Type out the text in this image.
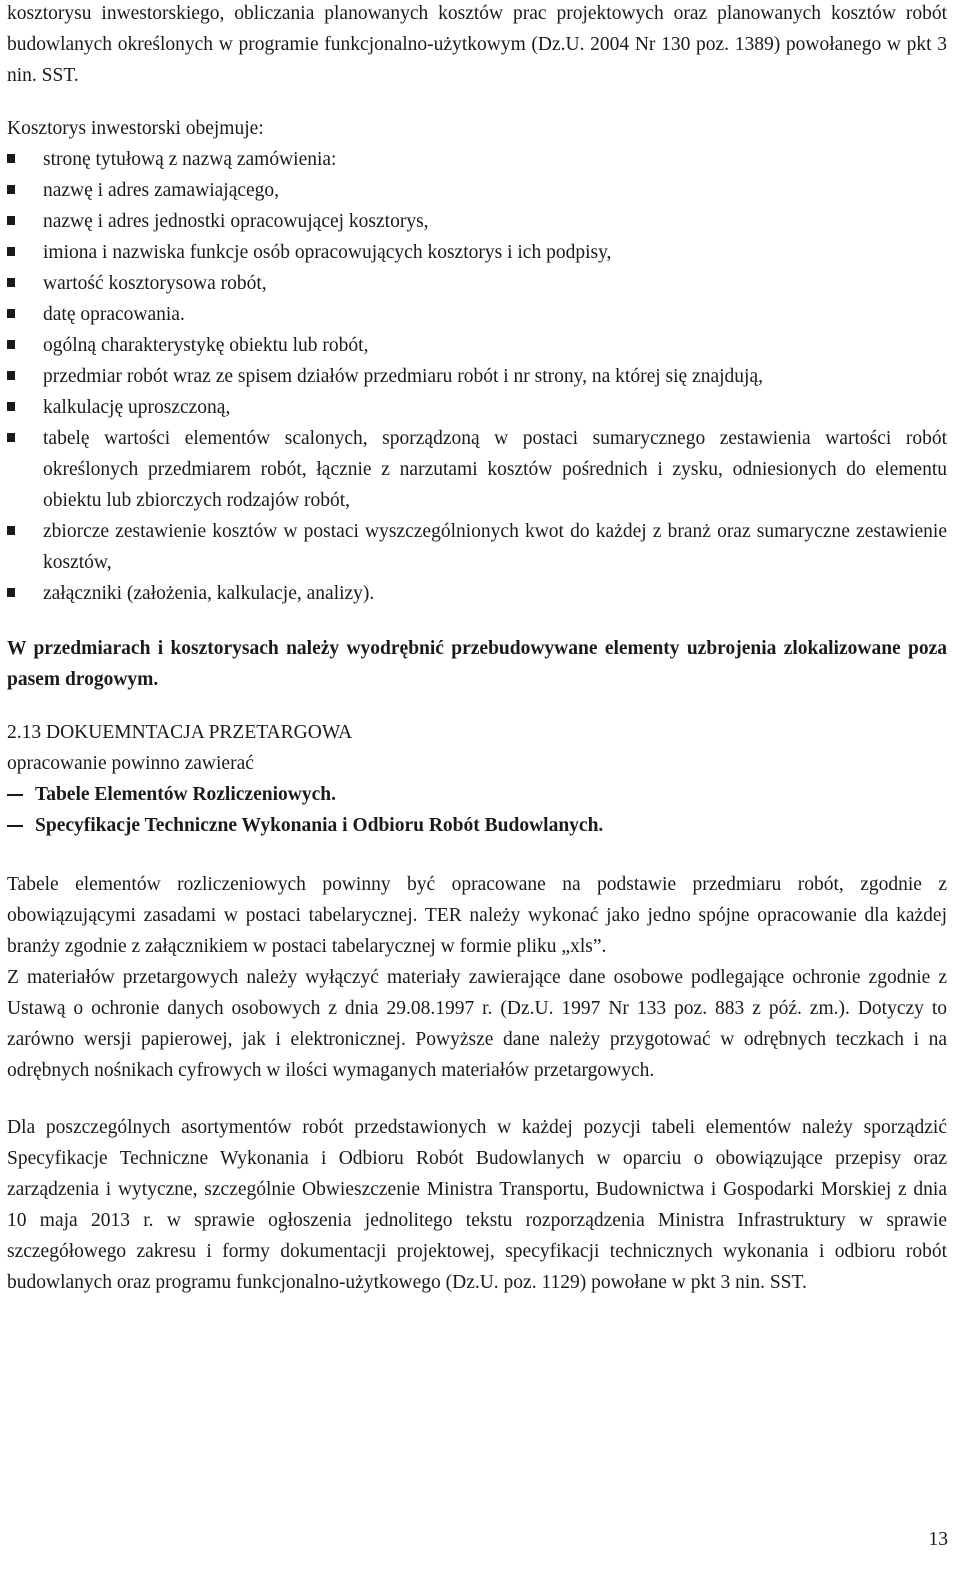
kosztorysu inwestorskiego, obliczania planowanych kosztów prac projektowych oraz planowanych kosztów robót budowlanych określonych w programie funkcjonalno-użytkowym (Dz.U. 2004 Nr 130 poz. 1389) powołanego w pkt 3 nin. SST.

Kosztorys inwestorski obejmuje:

stronę tytułową z nazwą zamówienia:
nazwę i adres zamawiającego,
nazwę i adres jednostki opracowującej kosztorys,
imiona i nazwiska funkcje osób opracowujących kosztorys i ich podpisy,
wartość kosztorysowa robót,
datę opracowania.
ogólną charakterystykę obiektu lub robót,
przedmiar robót wraz ze spisem działów przedmiaru robót i nr strony, na której się znajdują,
kalkulację uproszczoną,
tabelę wartości elementów scalonych, sporządzoną w postaci sumarycznego zestawienia wartości robót określonych przedmiarem robót, łącznie z narzutami kosztów pośrednich i zysku, odniesionych do elementu obiektu lub zbiorczych rodzajów robót,
zbiorcze zestawienie kosztów w postaci wyszczególnionych kwot do każdej z branż oraz sumaryczne zestawienie kosztów,
załączniki (założenia, kalkulacje, analizy).

W przedmiarach i kosztorysach należy wyodrębnić przebudowywane elementy uzbrojenia zlokalizowane poza pasem drogowym.

2.13 DOKUEMNTACJA PRZETARGOWA

opracowanie powinno zawierać

Tabele Elementów Rozliczeniowych.
Specyfikacje Techniczne Wykonania i Odbioru Robót Budowlanych.

Tabele elementów rozliczeniowych powinny być opracowane na podstawie przedmiaru robót, zgodnie z obowiązującymi zasadami w postaci tabelarycznej. TER należy wykonać jako jedno spójne opracowanie dla każdej branży zgodnie z załącznikiem w postaci tabelarycznej w formie pliku „xls”.

Z materiałów przetargowych należy wyłączyć materiały zawierające dane osobowe podlegające ochronie zgodnie z Ustawą o ochronie danych osobowych z dnia 29.08.1997 r. (Dz.U. 1997 Nr 133 poz. 883 z póź. zm.). Dotyczy to zarówno wersji papierowej, jak i elektronicznej. Powyższe dane należy przygotować w odrębnych teczkach i na odrębnych nośnikach cyfrowych w ilości wymaganych materiałów przetargowych.

Dla poszczególnych asortymentów robót przedstawionych w każdej pozycji tabeli elementów należy sporządzić Specyfikacje Techniczne Wykonania i Odbioru Robót Budowlanych w oparciu o obowiązujące przepisy oraz zarządzenia i wytyczne, szczególnie Obwieszczenie Ministra Transportu, Budownictwa i Gospodarki Morskiej z dnia 10 maja 2013 r. w sprawie ogłoszenia jednolitego tekstu rozporządzenia Ministra Infrastruktury w sprawie szczegółowego zakresu i formy dokumentacji projektowej, specyfikacji technicznych wykonania i odbioru robót budowlanych oraz programu funkcjonalno-użytkowego (Dz.U. poz. 1129) powołane w pkt 3 nin. SST.

13
